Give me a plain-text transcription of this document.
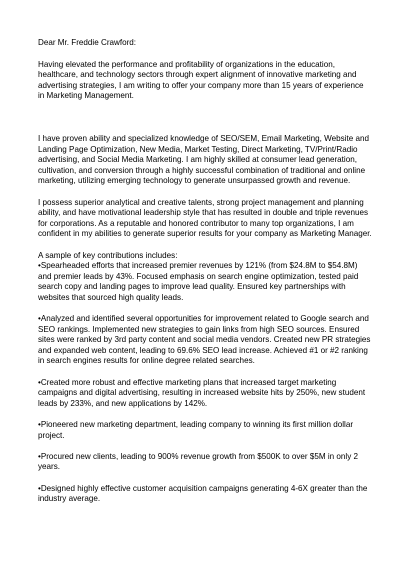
Dear Mr. Freddie Crawford:

Having elevated the performance and profitability of organizations in the education, healthcare, and technology sectors through expert alignment of innovative marketing and advertising strategies, I am writing to offer your company more than 15 years of experience in Marketing Management.

I have proven ability and specialized knowledge of SEO/SEM, Email Marketing, Website and Landing Page Optimization, New Media, Market Testing, Direct Marketing, TV/Print/Radio advertising, and Social Media Marketing. I am highly skilled at consumer lead generation, cultivation, and conversion through a highly successful combination of traditional and online marketing, utilizing emerging technology to generate unsurpassed growth and revenue.

I possess superior analytical and creative talents, strong project management and planning ability, and have motivational leadership style that has resulted in double and triple revenues for corporations. As a reputable and honored contributor to many top organizations, I am confident in my abilities to generate superior results for your company as Marketing Manager.

A sample of key contributions includes:

•Spearheaded efforts that increased premier revenues by 121% (from $24.8M to $54.8M) and premier leads by 43%. Focused emphasis on search engine optimization, tested paid search copy and landing pages to improve lead quality. Ensured key partnerships with websites that sourced high quality leads.

•Analyzed and identified several opportunities for improvement related to Google search and SEO rankings. Implemented new strategies to gain links from high SEO sources. Ensured sites were ranked by 3rd party content and social media vendors. Created new PR strategies and expanded web content, leading to 69.6% SEO lead increase. Achieved #1 or #2 ranking in search engines results for online degree related searches.

•Created more robust and effective marketing plans that increased target marketing campaigns and digital advertising, resulting in increased website hits by 250%, new student leads by 233%, and new applications by 142%.

•Pioneered new marketing department, leading company to winning its first million dollar project.

•Procured new clients, leading to 900% revenue growth from $500K to over $5M in only 2 years.

•Designed highly effective customer acquisition campaigns generating 4-6X greater than the industry average.
